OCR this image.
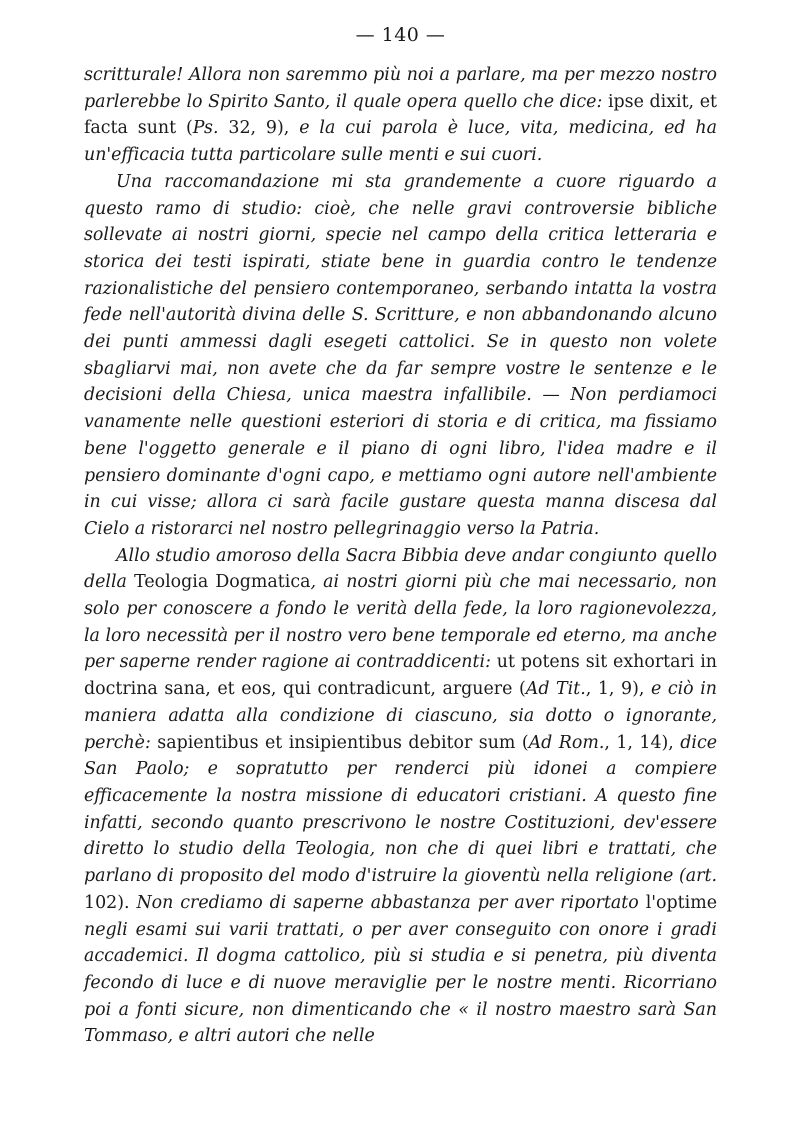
— 140 —

scritturale! Allora non saremmo più noi a parlare, ma per mezzo nostro parlerebbe lo Spirito Santo, il quale opera quello che dice: ipse dixit, et facta sunt (Ps. 32, 9), e la cui parola è luce, vita, medicina, ed ha un'efficacia tutta particolare sulle menti e sui cuori.

Una raccomandazione mi sta grandemente a cuore riguardo a questo ramo di studio: cioè, che nelle gravi controversie bibliche sollevate ai nostri giorni, specie nel campo della critica letteraria e storica dei testi ispirati, stiate bene in guardia contro le tendenze razionalistiche del pensiero contemporaneo, serbando intatta la vostra fede nell'autorità divina delle S. Scritture, e non abbandonando alcuno dei punti ammessi dagli esegeti cattolici. Se in questo non volete sbagliarvi mai, non avete che da far sempre vostre le sentenze e le decisioni della Chiesa, unica maestra infallibile. — Non perdiamoci vanamente nelle questioni esteriori di storia e di critica, ma fissiamo bene l'oggetto generale e il piano di ogni libro, l'idea madre e il pensiero dominante d'ogni capo, e mettiamo ogni autore nell'ambiente in cui visse; allora ci sarà facile gustare questa manna discesa dal Cielo a ristorarci nel nostro pellegrinaggio verso la Patria.

Allo studio amoroso della Sacra Bibbia deve andar congiunto quello della Teologia Dogmatica, ai nostri giorni più che mai necessario, non solo per conoscere a fondo le verità della fede, la loro ragionevolezza, la loro necessità per il nostro vero bene temporale ed eterno, ma anche per saperne render ragione ai contraddicenti: ut potens sit exhortari in doctrina sana, et eos, qui contradicunt, arguere (Ad Tit., 1, 9), e ciò in maniera adatta alla condizione di ciascuno, sia dotto o ignorante, perchè: sapientibus et insipientibus debitor sum (Ad Rom., 1, 14), dice San Paolo; e sopratutto per renderci più idonei a compiere efficacemente la nostra missione di educatori cristiani. A questo fine infatti, secondo quanto prescrivono le nostre Costituzioni, dev'essere diretto lo studio della Teologia, non che di quei libri e trattati, che parlano di proposito del modo d'istruire la gioventù nella religione (art. 102). Non crediamo di saperne abbastanza per aver riportato l'optime negli esami sui varii trattati, o per aver conseguito con onore i gradi accademici. Il dogma cattolico, più si studia e si penetra, più diventa fecondo di luce e di nuove meraviglie per le nostre menti. Ricorriano poi a fonti sicure, non dimenticando che « il nostro maestro sarà San Tommaso, e altri autori che nelle
